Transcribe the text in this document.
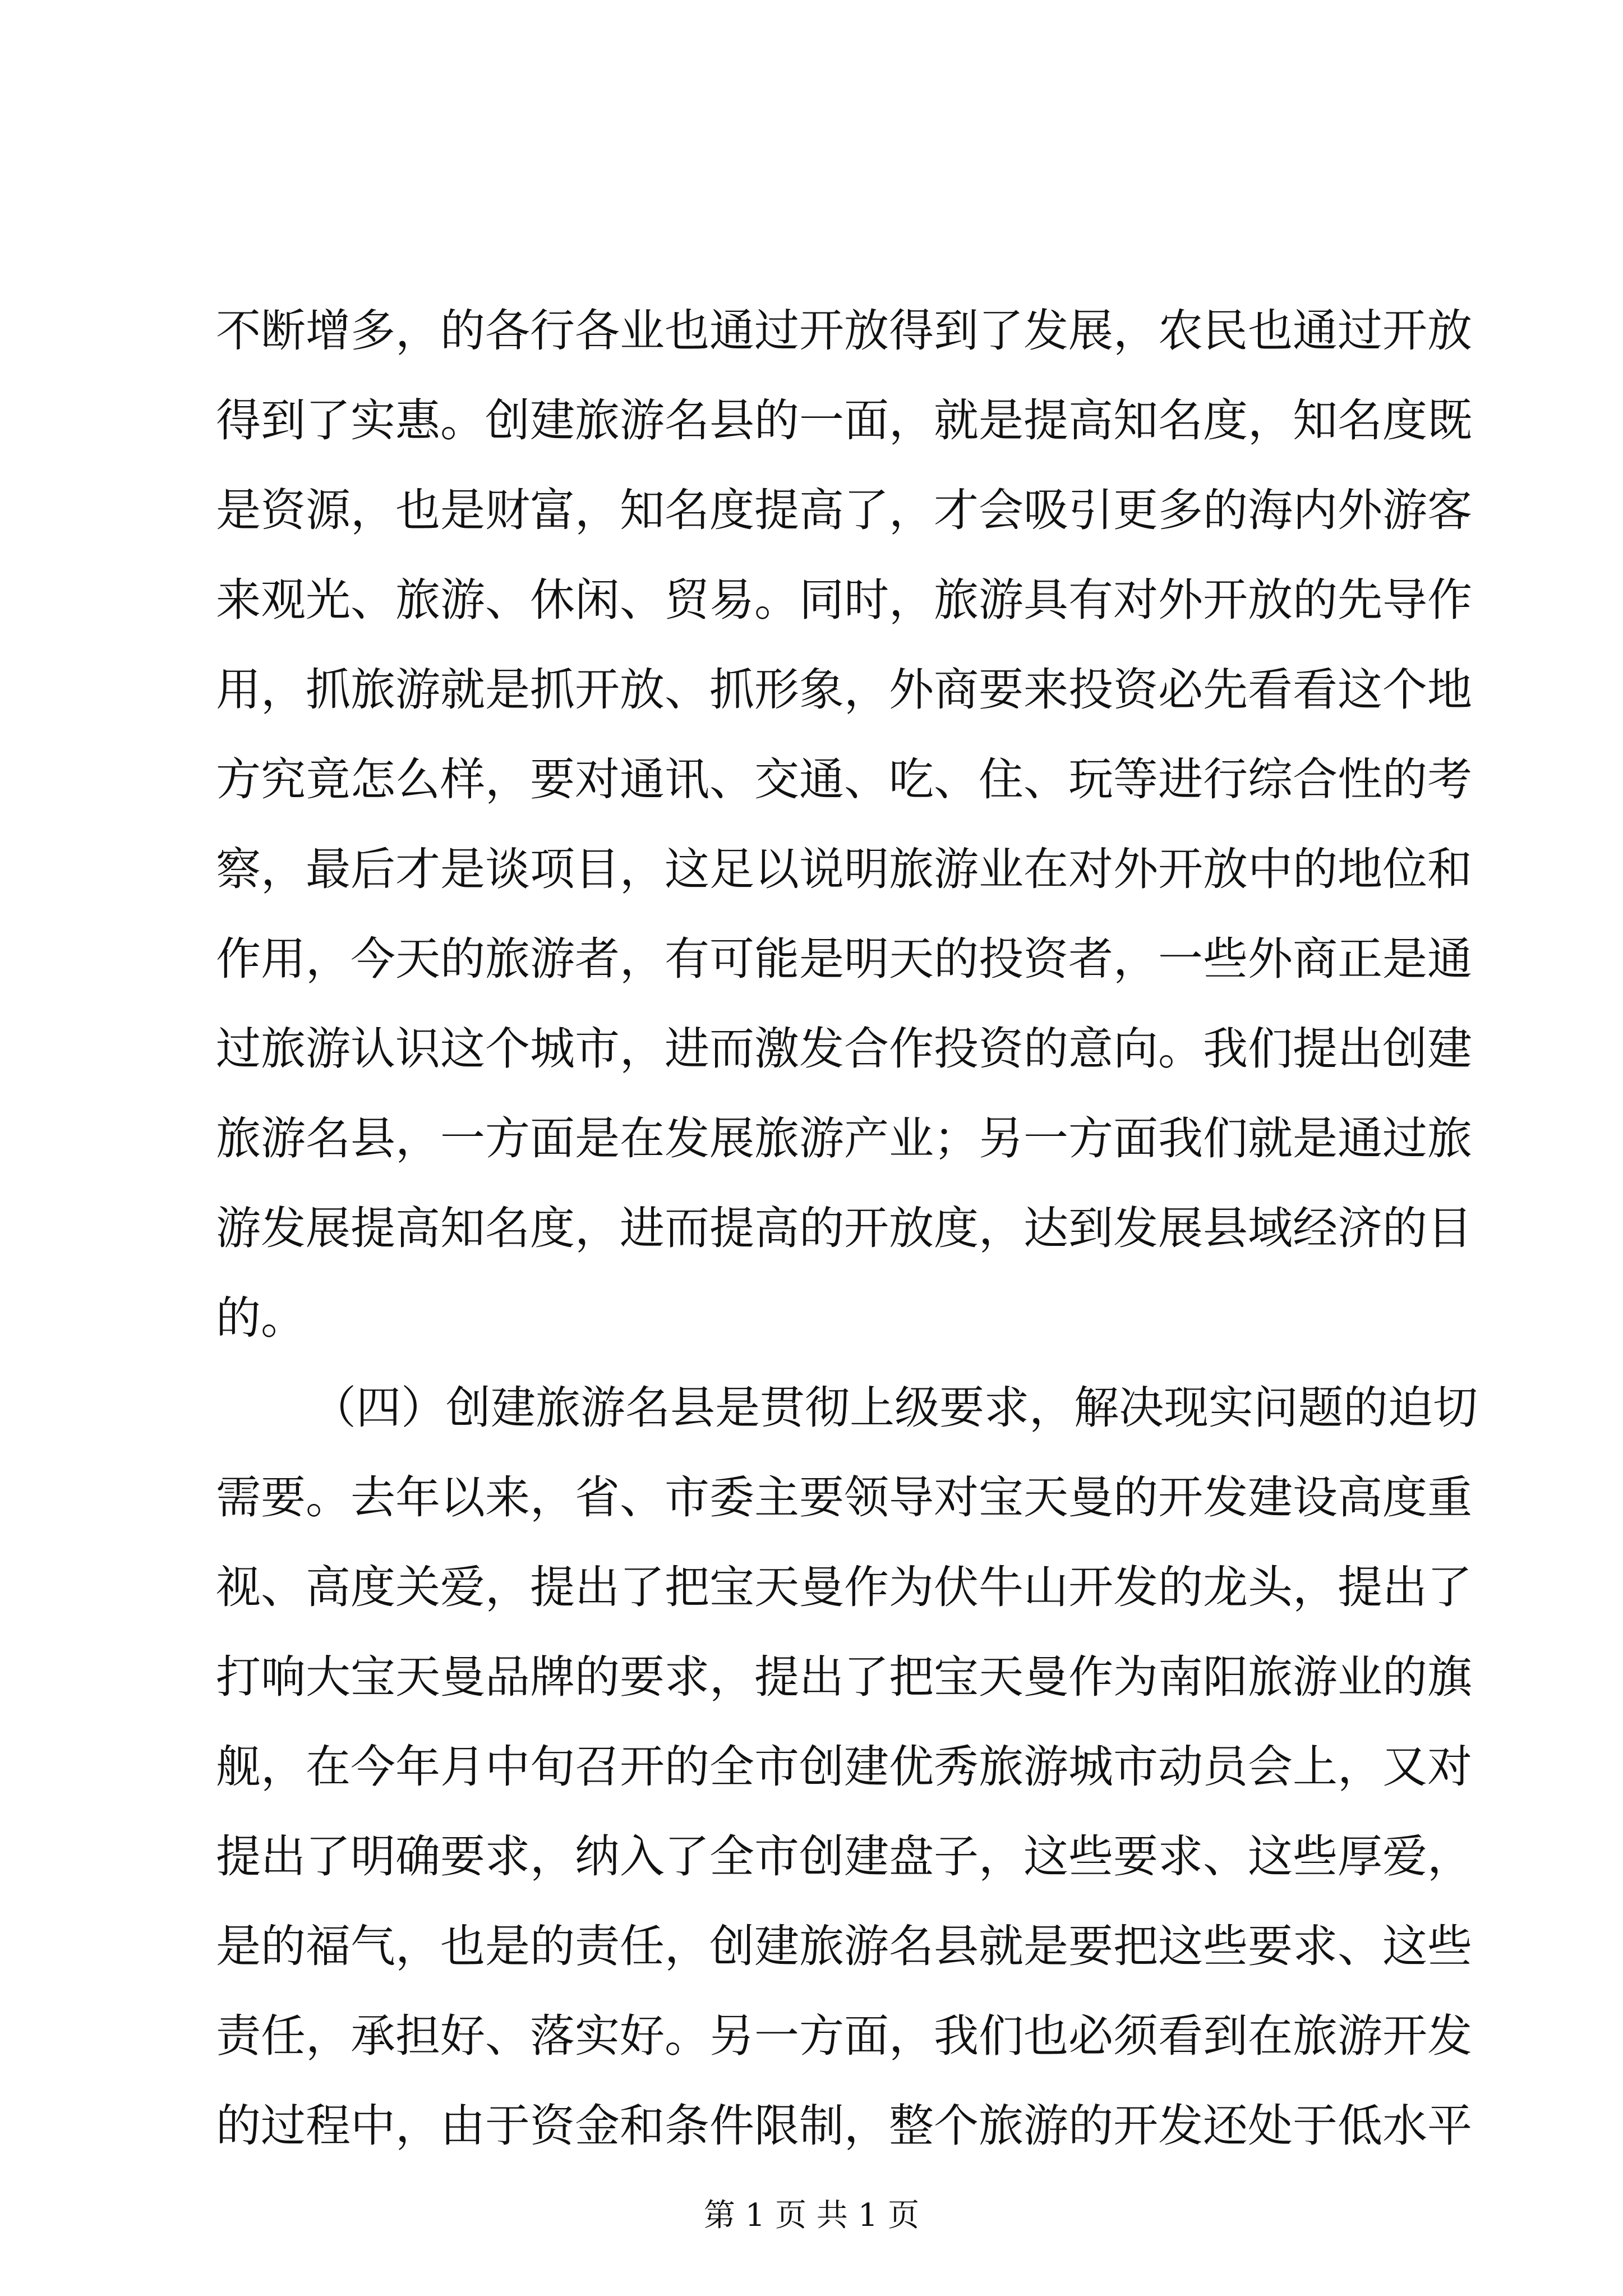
不断增多，的各行各业也通过开放得到了发展，农民也通过开放
得到了实惠。创建旅游名县的一面，就是提高知名度，知名度既
是资源，也是财富，知名度提高了，才会吸引更多的海内外游客
来观光、旅游、休闲、贸易。同时，旅游具有对外开放的先导作
用，抓旅游就是抓开放、抓形象，外商要来投资必先看看这个地
方究竟怎么样，要对通讯、交通、吃、住、玩等进行综合性的考
察，最后才是谈项目，这足以说明旅游业在对外开放中的地位和
作用，今天的旅游者，有可能是明天的投资者，一些外商正是通
过旅游认识这个城市，进而激发合作投资的意向。我们提出创建
旅游名县，一方面是在发展旅游产业；另一方面我们就是通过旅
游发展提高知名度，进而提高的开放度，达到发展县域经济的目
的。
（四）创建旅游名县是贯彻上级要求，解决现实问题的迫切
需要。去年以来，省、市委主要领导对宝天曼的开发建设高度重
视、高度关爱，提出了把宝天曼作为伏牛山开发的龙头，提出了
打响大宝天曼品牌的要求，提出了把宝天曼作为南阳旅游业的旗
舰，在今年月中旬召开的全市创建优秀旅游城市动员会上，又对
提出了明确要求，纳入了全市创建盘子，这些要求、这些厚爱，
是的福气，也是的责任，创建旅游名县就是要把这些要求、这些
责任，承担好、落实好。另一方面，我们也必须看到在旅游开发
的过程中，由于资金和条件限制，整个旅游的开发还处于低水平
第 1 页 共 1 页
